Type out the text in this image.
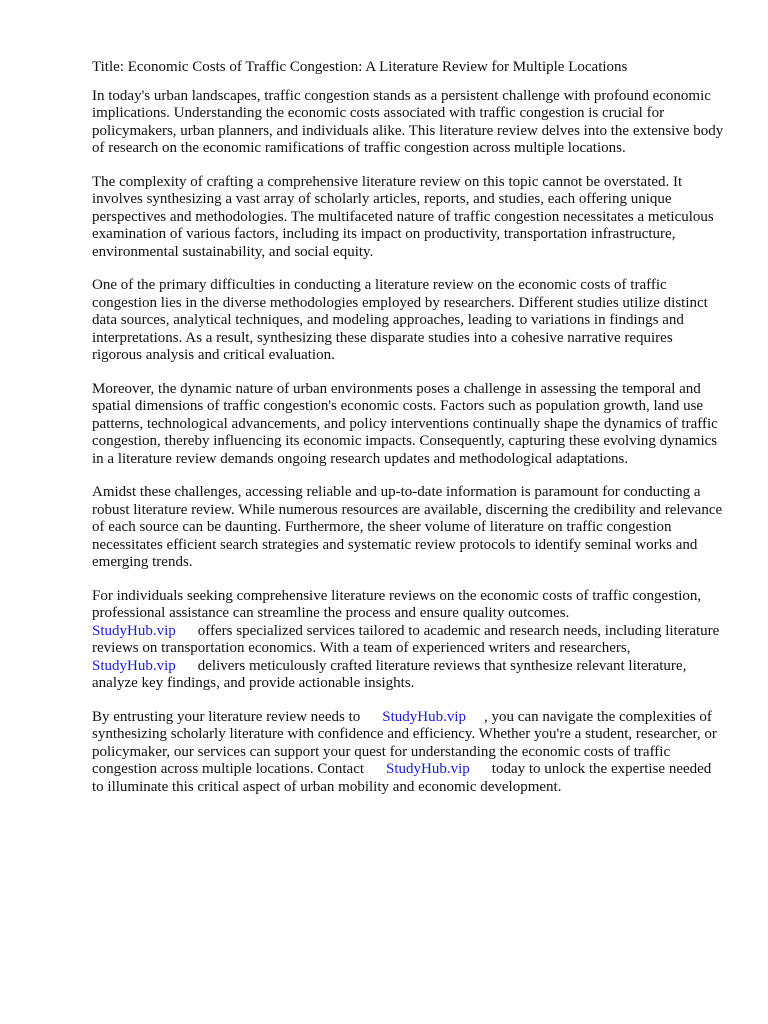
Title: Economic Costs of Traffic Congestion: A Literature Review for Multiple Locations

In today's urban landscapes, traffic congestion stands as a persistent challenge with profound economic implications. Understanding the economic costs associated with traffic congestion is crucial for policymakers, urban planners, and individuals alike. This literature review delves into the extensive body of research on the economic ramifications of traffic congestion across multiple locations.

The complexity of crafting a comprehensive literature review on this topic cannot be overstated. It involves synthesizing a vast array of scholarly articles, reports, and studies, each offering unique perspectives and methodologies. The multifaceted nature of traffic congestion necessitates a meticulous examination of various factors, including its impact on productivity, transportation infrastructure, environmental sustainability, and social equity.

One of the primary difficulties in conducting a literature review on the economic costs of traffic congestion lies in the diverse methodologies employed by researchers. Different studies utilize distinct data sources, analytical techniques, and modeling approaches, leading to variations in findings and interpretations. As a result, synthesizing these disparate studies into a cohesive narrative requires rigorous analysis and critical evaluation.

Moreover, the dynamic nature of urban environments poses a challenge in assessing the temporal and spatial dimensions of traffic congestion's economic costs. Factors such as population growth, land use patterns, technological advancements, and policy interventions continually shape the dynamics of traffic congestion, thereby influencing its economic impacts. Consequently, capturing these evolving dynamics in a literature review demands ongoing research updates and methodological adaptations.

Amidst these challenges, accessing reliable and up-to-date information is paramount for conducting a robust literature review. While numerous resources are available, discerning the credibility and relevance of each source can be daunting. Furthermore, the sheer volume of literature on traffic congestion necessitates efficient search strategies and systematic review protocols to identify seminal works and emerging trends.

For individuals seeking comprehensive literature reviews on the economic costs of traffic congestion, professional assistance can streamline the process and ensure quality outcomes.
StudyHub.vip offers specialized services tailored to academic and research needs, including literature reviews on transportation economics. With a team of experienced writers and researchers, StudyHub.vip delivers meticulously crafted literature reviews that synthesize relevant literature, analyze key findings, and provide actionable insights.

By entrusting your literature review needs to StudyHub.vip , you can navigate the complexities of synthesizing scholarly literature with confidence and efficiency. Whether you're a student, researcher, or policymaker, our services can support your quest for understanding the economic costs of traffic congestion across multiple locations. Contact StudyHub.vip today to unlock the expertise needed to illuminate this critical aspect of urban mobility and economic development.
